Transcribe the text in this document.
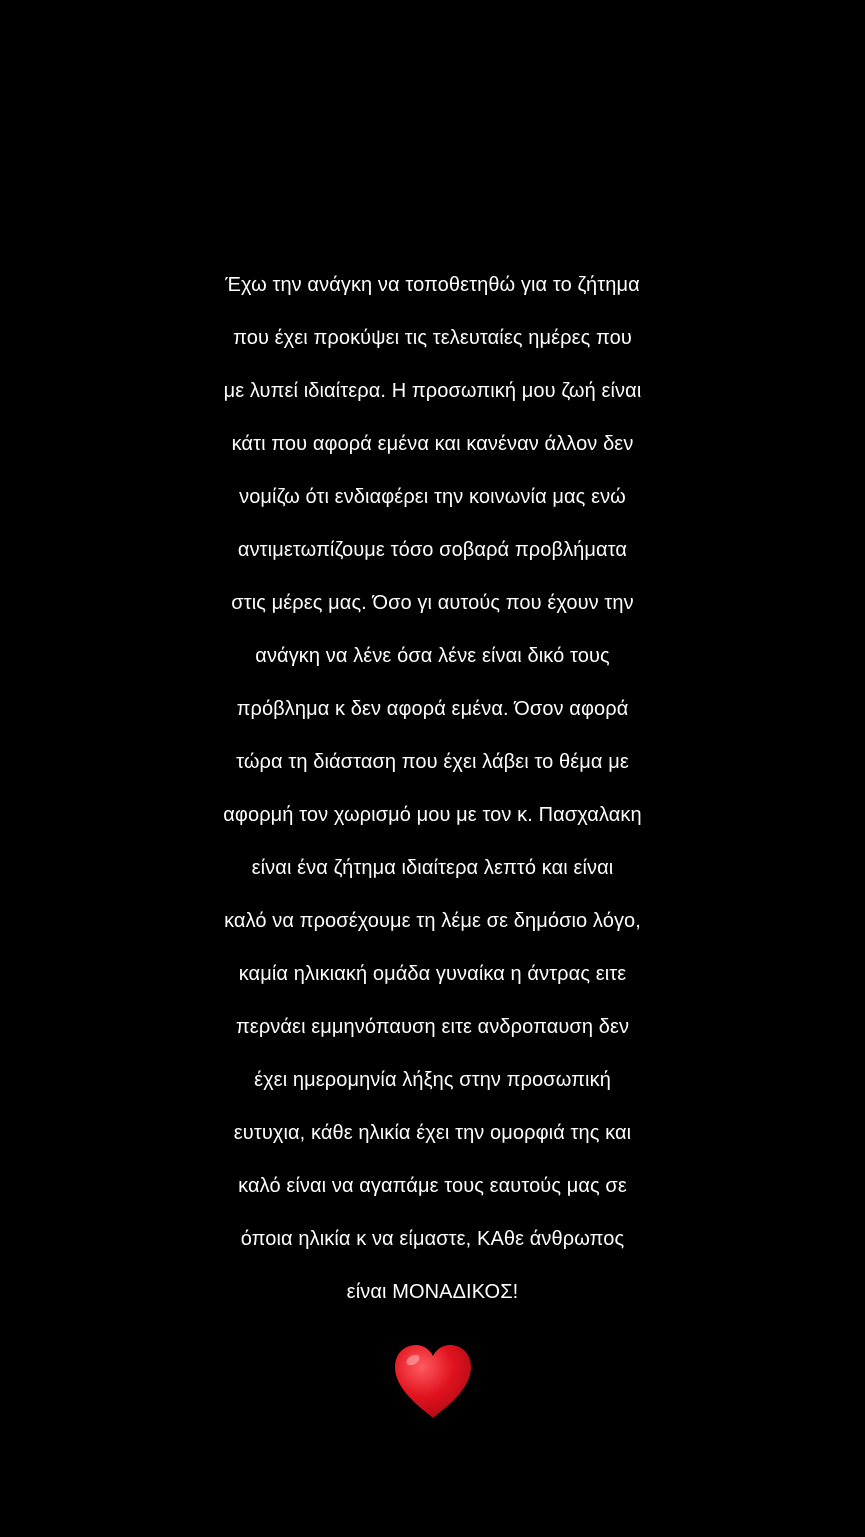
Έχω την ανάγκη να τοποθετηθώ για το ζήτημα
που έχει προκύψει τις τελευταίες ημέρες που
με λυπεί ιδιαίτερα. Η προσωπική μου ζωή είναι
κάτι που αφορά εμένα και κανέναν άλλον δεν
νομίζω ότι ενδιαφέρει την κοινωνία μας ενώ
αντιμετωπίζουμε τόσο σοβαρά προβλήματα
στις μέρες μας. Όσο γι αυτούς που έχουν την
ανάγκη να λένε όσα λένε είναι δικό τους
πρόβλημα κ δεν αφορά εμένα. Όσον αφορά
τώρα τη διάσταση που έχει λάβει το θέμα με
αφορμή τον χωρισμό μου με τον κ. Πασχαλακη
είναι ένα ζήτημα ιδιαίτερα λεπτό και είναι
καλό να προσέχουμε τη λέμε σε δημόσιο λόγο,
καμία ηλικιακή ομάδα γυναίκα η άντρας ειτε
περνάει εμμηνόπαυση ειτε ανδροπαυση δεν
έχει ημερομηνία λήξης στην προσωπική
ευτυχια, κάθε ηλικία έχει την ομορφιά της και
καλό είναι να αγαπάμε τους εαυτούς μας σε
όποια ηλικία κ να είμαστε, ΚΑθε άνθρωπος
είναι ΜΟΝΑΔΙΚΟΣ!
